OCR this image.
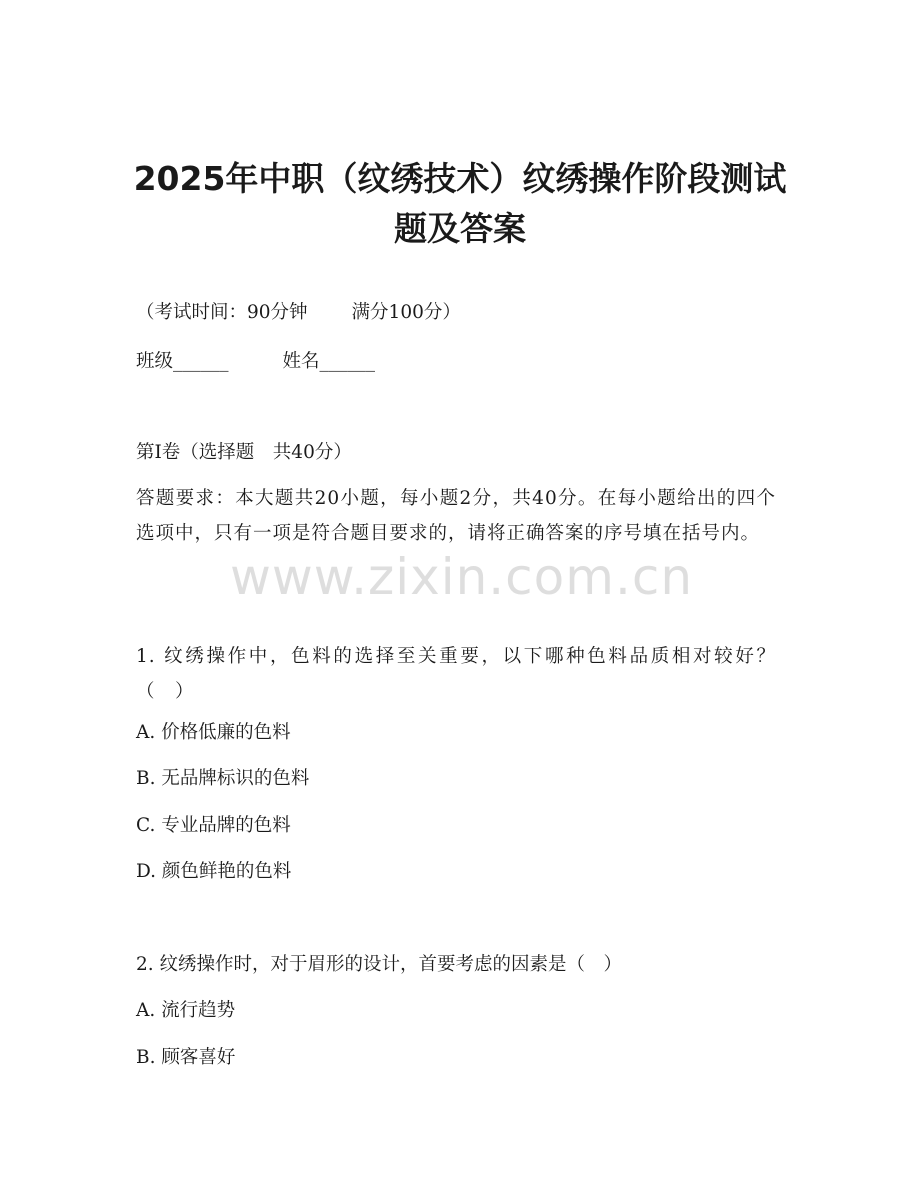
2025年中职（纹绣技术）纹绣操作阶段测试
题及答案
（考试时间：90分钟 满分100分）
班级______	姓名______
第Ⅰ卷（选择题　共40分）

答题要求：本大题共20小题，每小题2分，共40分。在每小题给出的四个选项中，只有一项是符合题目要求的，请将正确答案的序号填在括号内。

www.zixin.com.cn

1. 纹绣操作中，色料的选择至关重要，以下哪种色料品质相对较好？（　）

A. 价格低廉的色料
B. 无品牌标识的色料
C. 专业品牌的色料
D. 颜色鲜艳的色料
2. 纹绣操作时，对于眉形的设计，首要考虑的因素是（　）
A. 流行趋势
B. 顾客喜好
